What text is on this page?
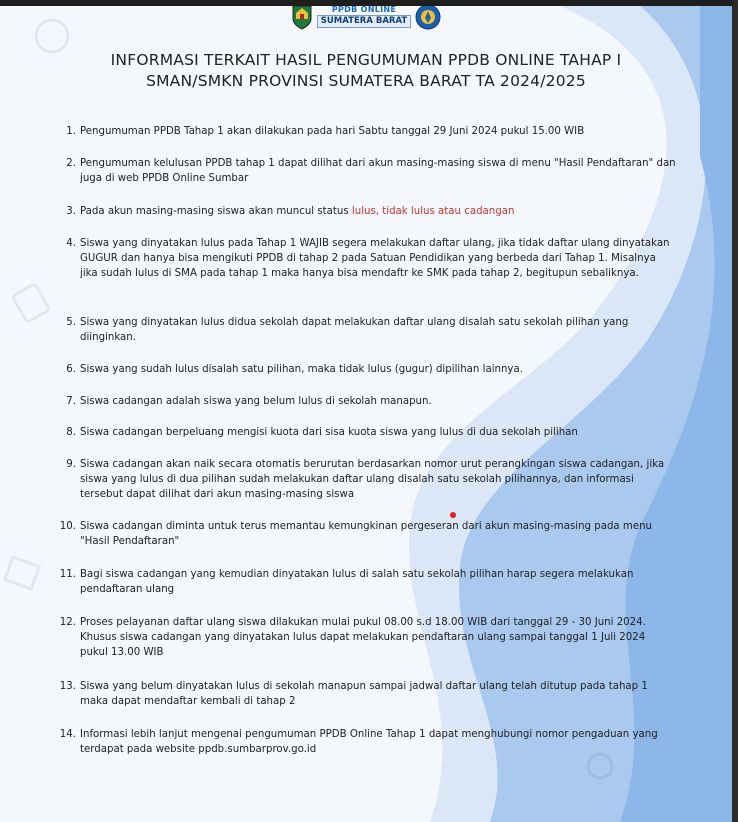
PPDB ONLINE
SUMATERA BARAT
INFORMASI TERKAIT HASIL PENGUMUMAN PPDB ONLINE TAHAP I
SMAN/SMKN PROVINSI SUMATERA BARAT TA 2024/2025
1. Pengumuman PPDB Tahap 1 akan dilakukan pada hari Sabtu tanggal 29 Juni 2024 pukul 15.00 WIB
2. Pengumuman kelulusan PPDB tahap 1 dapat dilihat dari akun masing-masing siswa di menu "Hasil Pendaftaran" dan juga di web PPDB Online Sumbar
3. Pada akun masing-masing siswa akan muncul status lulus, tidak lulus atau cadangan
4. Siswa yang dinyatakan lulus pada Tahap 1 WAJIB segera melakukan daftar ulang, jika tidak daftar ulang dinyatakan GUGUR dan hanya bisa mengikuti PPDB di tahap 2 pada Satuan Pendidikan yang berbeda dari Tahap 1. Misalnya jika sudah lulus di SMA pada tahap 1 maka hanya bisa mendaftr ke SMK pada tahap 2, begitupun sebaliknya.
5. Siswa yang dinyatakan lulus didua sekolah dapat melakukan daftar ulang disalah satu sekolah pilihan yang diinginkan.
6. Siswa yang sudah lulus disalah satu pilihan, maka tidak lulus (gugur) dipilihan lainnya.
7. Siswa cadangan adalah siswa yang belum lulus di sekolah manapun.
8. Siswa cadangan berpeluang mengisi kuota dari sisa kuota siswa yang lulus di dua sekolah pilihan
9. Siswa cadangan akan naik secara otomatis berurutan berdasarkan nomor urut perangkingan siswa cadangan, jika siswa yang lulus di dua pilihan sudah melakukan daftar ulang disalah satu sekolah pilihannya, dan informasi tersebut dapat dilihat dari akun masing-masing siswa
10. Siswa cadangan diminta untuk terus memantau kemungkinan pergeseran dari akun masing-masing pada menu "Hasil Pendaftaran"
11. Bagi siswa cadangan yang kemudian dinyatakan lulus di salah satu sekolah pilihan harap segera melakukan pendaftaran ulang
12. Proses pelayanan daftar ulang siswa dilakukan mulai pukul 08.00 s.d 18.00 WIB dari tanggal 29 - 30 Juni 2024. Khusus siswa cadangan yang dinyatakan lulus dapat melakukan pendaftaran ulang sampai tanggal 1 Juli 2024 pukul 13.00 WIB
13. Siswa yang belum dinyatakan lulus di sekolah manapun sampai jadwal daftar ulang telah ditutup pada tahap 1 maka dapat mendaftar kembali di tahap 2
14. Informasi lebih lanjut mengenai pengumuman PPDB Online Tahap 1 dapat menghubungi nomor pengaduan yang terdapat pada website ppdb.sumbarprov.go.id
